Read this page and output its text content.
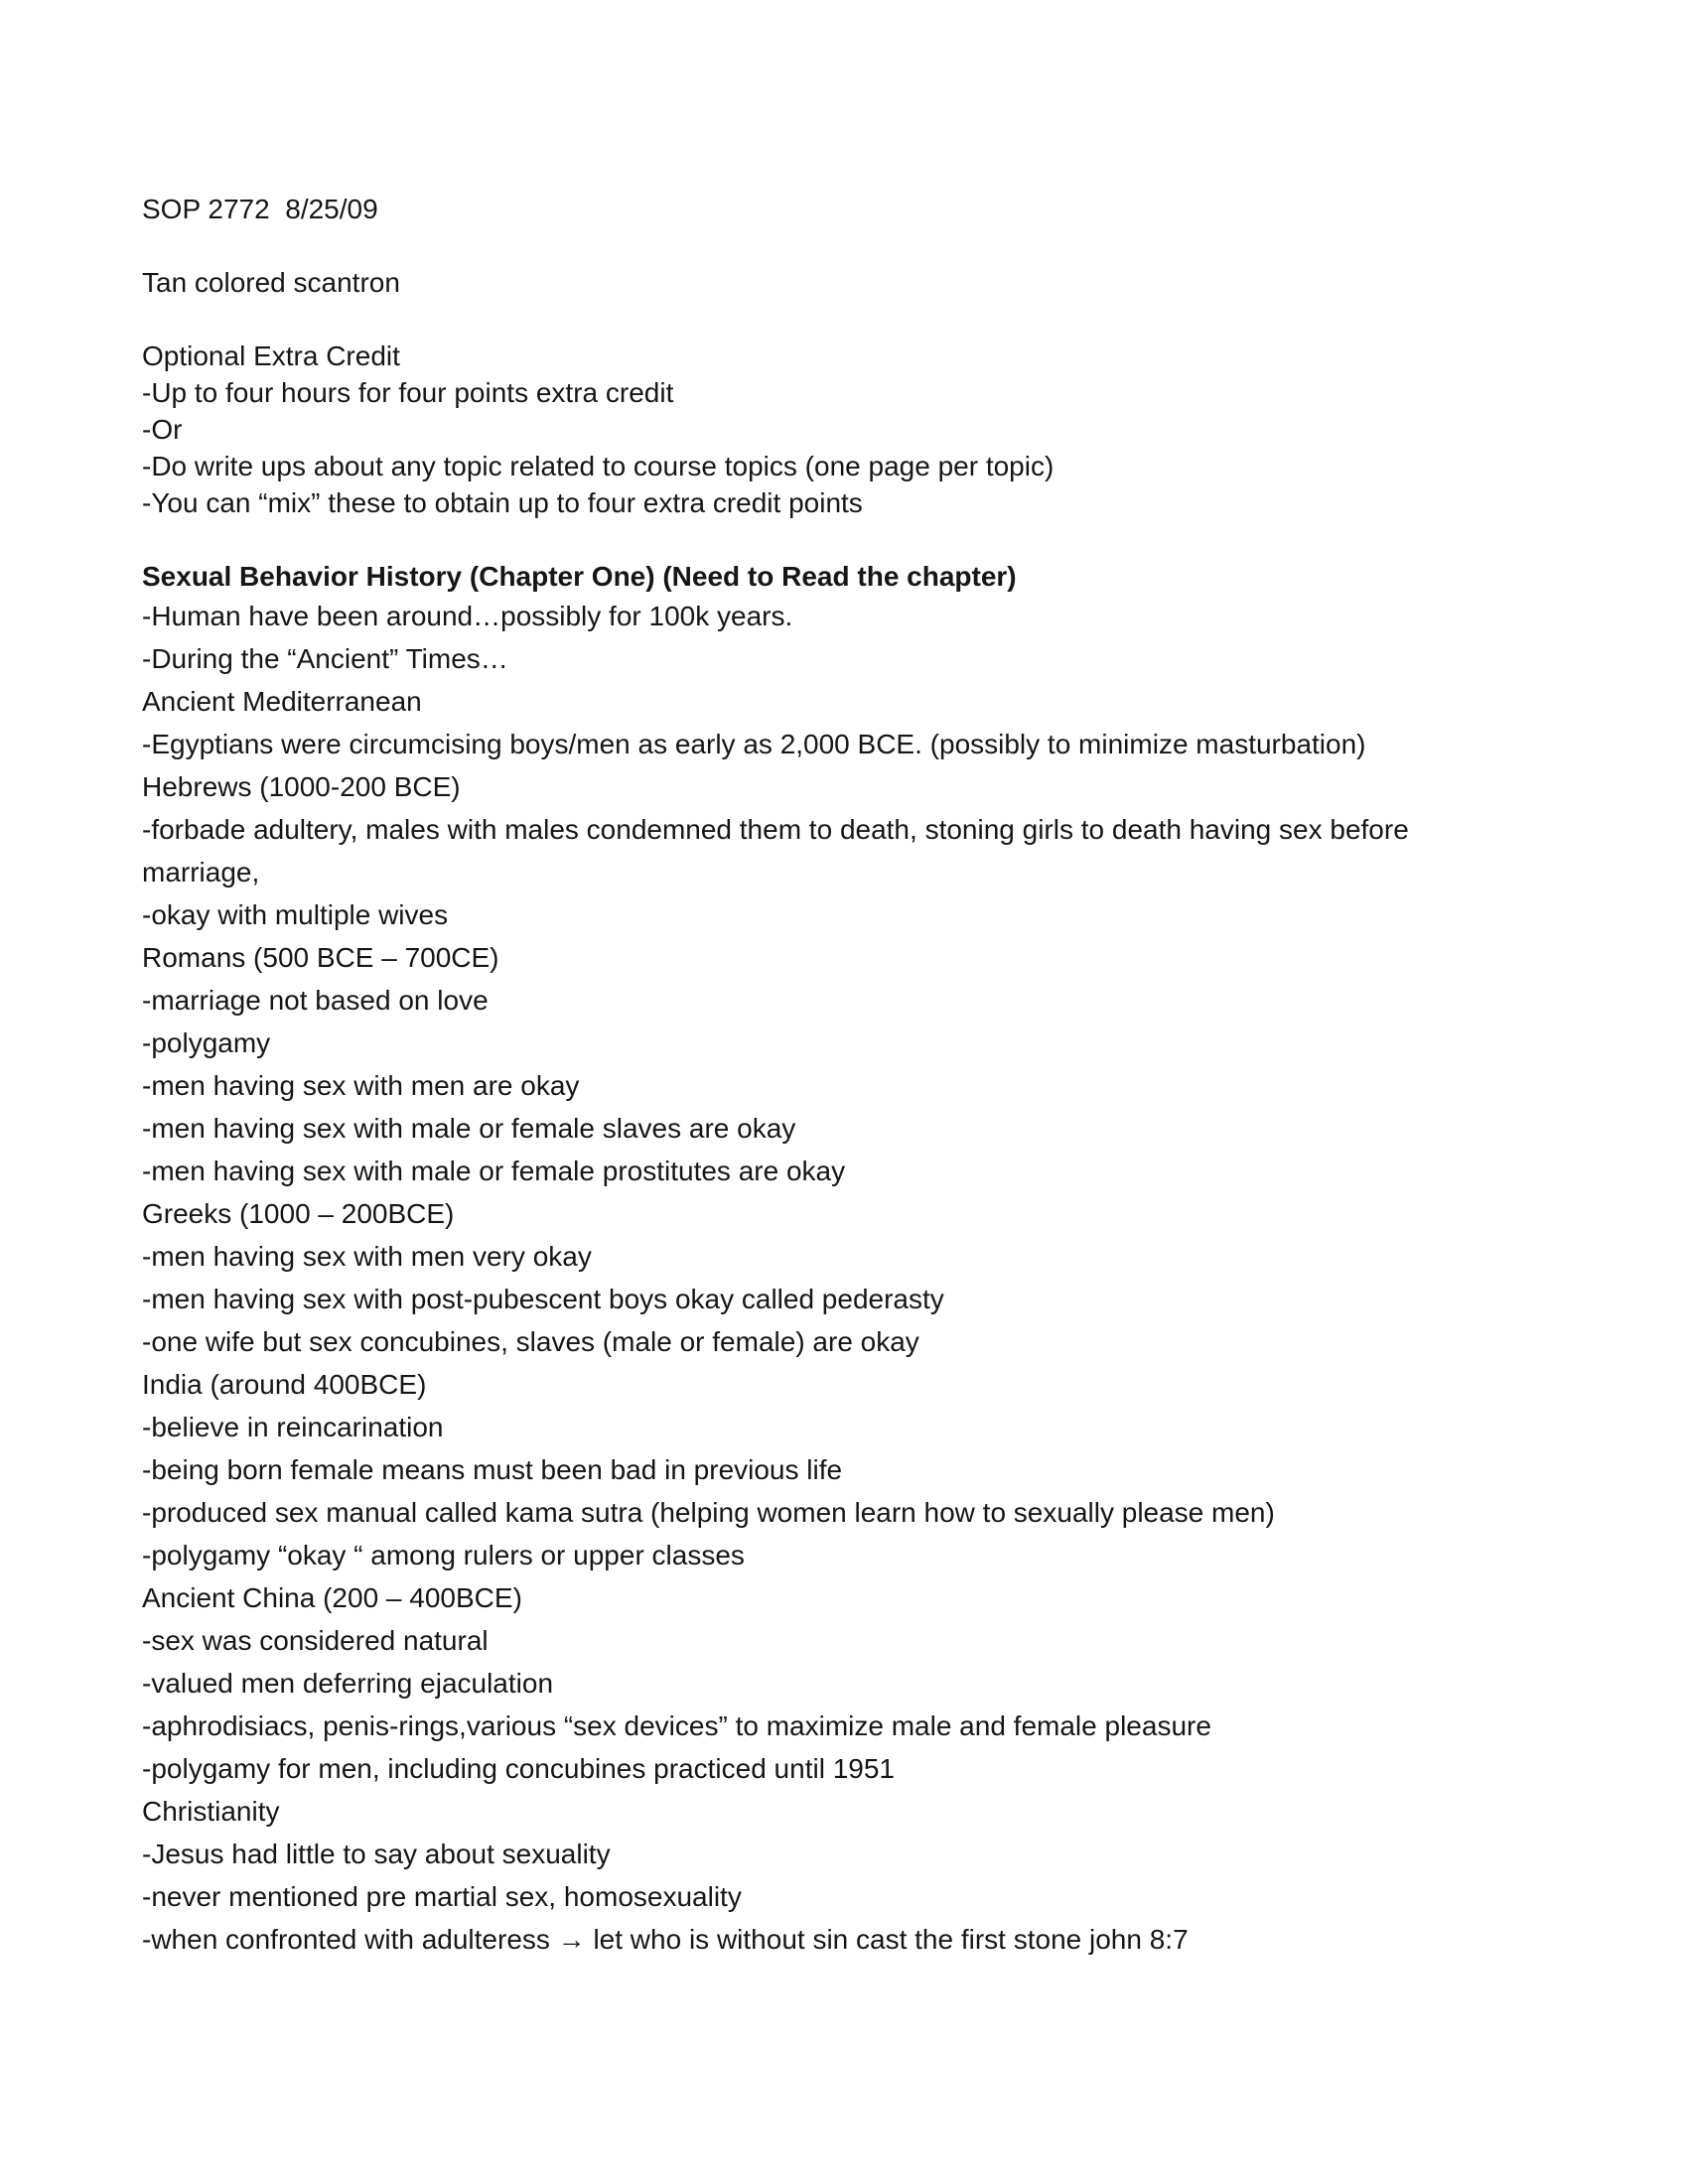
SOP 2772  8/25/09
Tan colored scantron
Optional Extra Credit
-Up to four hours for four points extra credit
-Or
-Do write ups about any topic related to course topics (one page per topic)
-You can “mix” these to obtain up to four extra credit points
Sexual Behavior History (Chapter One) (Need to Read the chapter)
-Human have been around…possibly for 100k years.
-During the “Ancient” Times…
Ancient Mediterranean
-Egyptians were circumcising boys/men as early as 2,000 BCE. (possibly to minimize masturbation)
Hebrews (1000-200 BCE)
-forbade adultery, males with males condemned them to death, stoning girls to death having sex before
marriage,
-okay with multiple wives
Romans (500 BCE – 700CE)
-marriage not based on love
-polygamy
-men having sex with men are okay
-men having sex with male or female slaves are okay
-men having sex with male or female prostitutes are okay
Greeks (1000 – 200BCE)
-men having sex with men very okay
-men having sex with post-pubescent boys okay called pederasty
-one wife but sex concubines, slaves (male or female) are okay
India (around 400BCE)
-believe in reincarination
-being born female means must been bad in previous life
-produced sex manual called kama sutra (helping women learn how to sexually please men)
-polygamy “okay “ among rulers or upper classes
Ancient China (200 – 400BCE)
-sex was considered natural
-valued men deferring ejaculation
-aphrodisiacs, penis-rings,various “sex devices” to maximize male and female pleasure
-polygamy for men, including concubines practiced until 1951
Christianity
-Jesus had little to say about sexuality
-never mentioned pre martial sex, homosexuality
-when confronted with adulteress → let who is without sin cast the first stone john 8:7
